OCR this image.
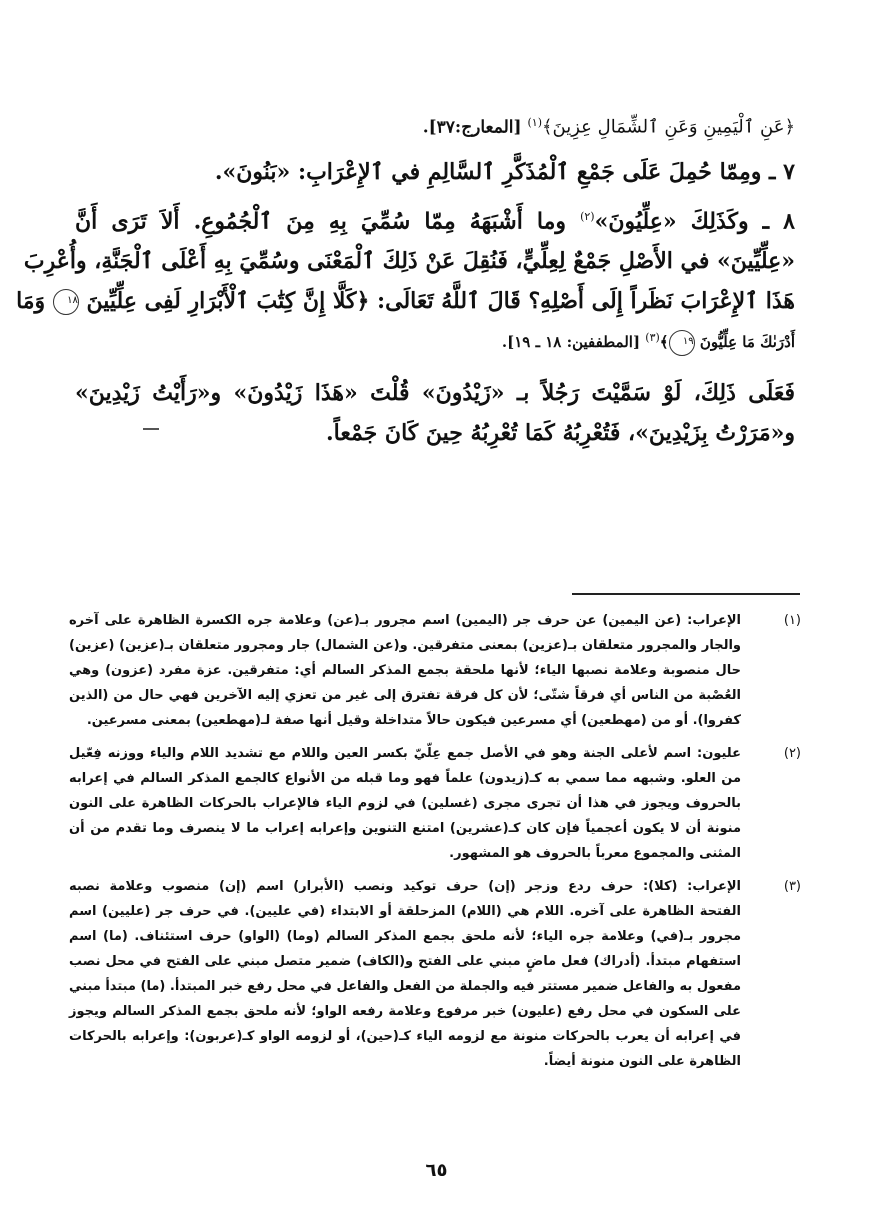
﴿عَنِ ٱلْيَمِينِ وَعَنِ ٱلشِّمَالِ عِزِينَ﴾$^{(١)}$ [المعارج:٣٧].
٧ ـ ومِمّا حُمِلَ عَلَى جَمْعِ ٱلْمُذَكَّرِ ٱلسَّالِمِ في ٱلإِعْرَابِ: «بَنُونَ».
٨ ـ وكَذَلِكَ «عِلِّيُونَ»$^{(٢)}$ وما أَشْبَهَهُ مِمّا سُمِّيَ بِهِ مِنَ ٱلْجُمُوعِ. أَلاَ تَرَى أَنَّ
«عِلِّيِّينَ» في الأَصْلِ جَمْعٌ لِعِلِّيٍّ، فَنُقِلَ عَنْ ذَلِكَ ٱلْمَعْنَى وسُمِّيَ بِهِ أَعْلَى ٱلْجَنَّةِ، وأُعْرِبَ
هَذَا ٱلإِعْرَابَ نَظَراً إِلَى أَصْلِهِ؟ قَالَ ٱللَّهُ تَعَالَى: ﴿كَلَّا إِنَّ كِتَٰبَ ٱلْأَبْرَارِ لَفِى عِلِّيِّينَ ١٨ وَمَا
أَدْرَىٰكَ مَا عِلِّيُّونَ ١٩﴾$^{(٣)}$ [المطففين: ١٨ ـ ١٩].
فَعَلَى ذَلِكَ، لَوْ سَمَّيْتَ رَجُلاً بـ «زَيْدُونَ» قُلْتَ «هَذَا زَيْدُونَ» و«رَأَيْتُ زَيْدِينَ»
و«مَرَرْتُ بِزَيْدِينَ»، فَتُعْرِبُهُ كَمَا تُعْرِبُهُ حِينَ كَانَ جَمْعاً.
(١)
الإعراب: (عن اليمين) عن حرف جر (اليمين) اسم مجرور بـ(عن) وعلامة جره الكسرة الظاهرة على آخره
والجار والمجرور متعلقان بـ(عزين) بمعنى متفرقين. و(عن الشمال) جار ومجرور متعلقان بـ(عزين) (عزين)
حال منصوبة وعلامة نصبها الياء؛ لأنها ملحقة بجمع المذكر السالم أي: متفرقين. عزة مفرد (عزون) وهي
العُصْبة من الناس أي فرقاً شتّى؛ لأن كل فرقة تفترق إلى غير من تعزي إليه الآخرين فهي حال من (الذين
كفروا). أو من (مهطعين) أي مسرعين فيكون حالاً متداخلة وقيل أنها صفة لـ(مهطعين) بمعنى مسرعين.
(٢)
عليون: اسم لأعلى الجنة وهو في الأصل جمع عِلّيّ بكسر العين واللام مع تشديد اللام والياء ووزنه فِعّيل
من العلو. وشبهه مما سمي به كـ(زيدون) علماً فهو وما قبله من الأنواع كالجمع المذكر السالم في إعرابه
بالحروف ويجوز في هذا أن تجرى مجرى (غسلين) في لزوم الياء فالإعراب بالحركات الظاهرة على النون
منونة أن لا يكون أعجمياً فإن كان كـ(عشرين) امتنع التنوين وإعرابه إعراب ما لا ينصرف وما تقدم من أن
المثنى والمجموع معرباً بالحروف هو المشهور.
(٣)
الإعراب: (كلا): حرف ردع وزجر (إن) حرف توكيد ونصب (الأبرار) اسم (إن) منصوب وعلامة نصبه
الفتحة الظاهرة على آخره. اللام هي (اللام) المزحلقة أو الابتداء (في عليين). في حرف جر (عليين) اسم
مجرور بـ(في) وعلامة جره الياء؛ لأنه ملحق بجمع المذكر السالم (وما) (الواو) حرف استئناف. (ما) اسم
استفهام مبتدأ. (أدراك) فعل ماضٍ مبني على الفتح و(الكاف) ضمير متصل مبني على الفتح في محل نصب
مفعول به والفاعل ضمير مستتر فيه والجملة من الفعل والفاعل في محل رفع خبر المبتدأ. (ما) مبتدأ مبني
على السكون في محل رفع (عليون) خبر مرفوع وعلامة رفعه الواو؛ لأنه ملحق بجمع المذكر السالم ويجوز
في إعرابه أن يعرب بالحركات منونة مع لزومه الياء كـ(حين)، أو لزومه الواو كـ(عربون): وإعرابه بالحركات
الظاهرة على النون منونة أيضاً.
٦٥
